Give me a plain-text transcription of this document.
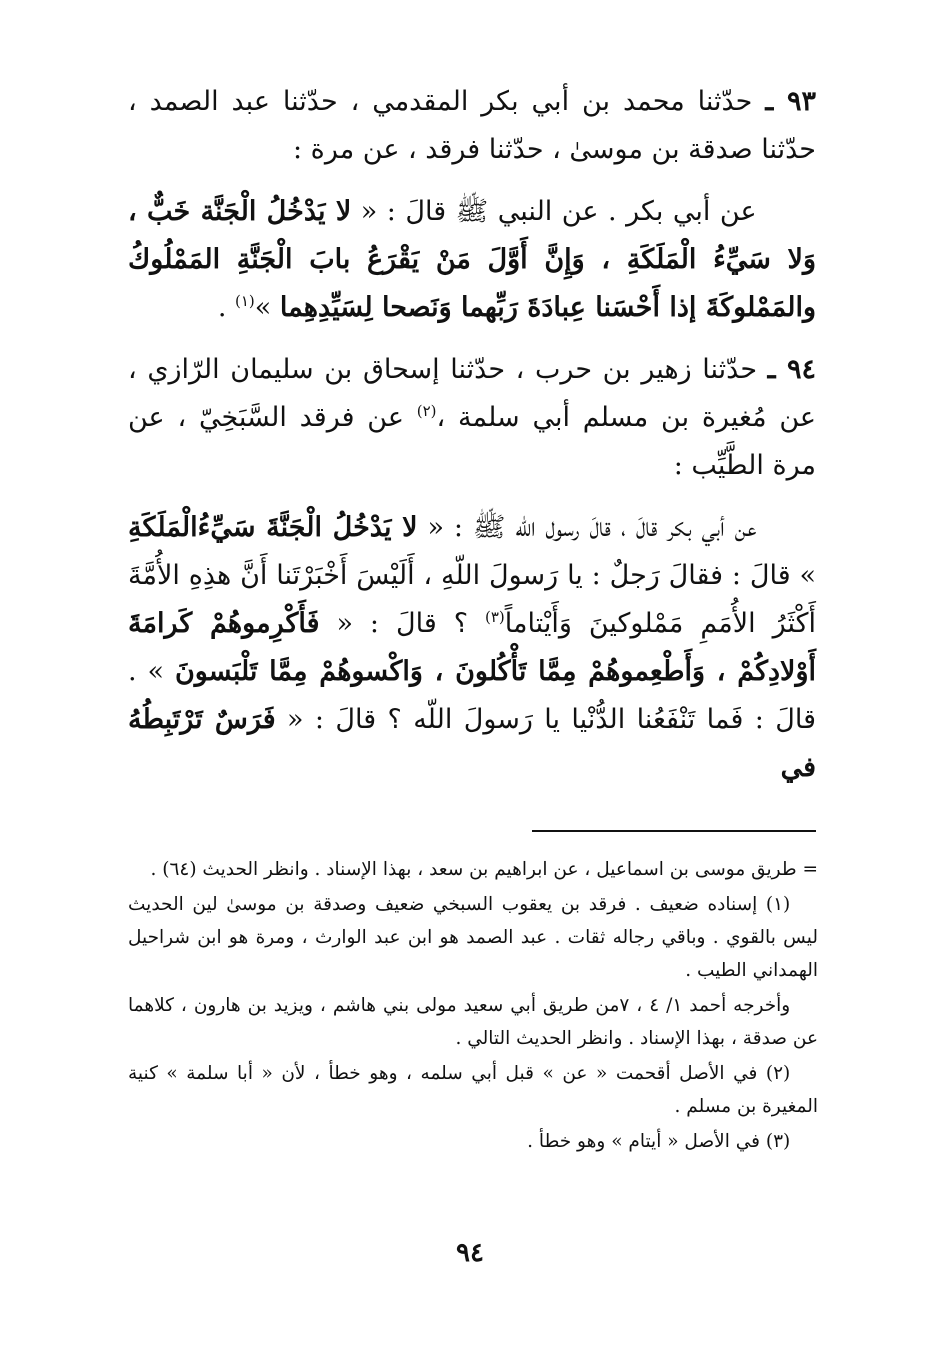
٩٣ ـ حدّثنا محمد بن أبي بكر المقدمي ، حدّثنا عبد الصمد ، حدّثنا صدقة بن موسىٰ ، حدّثنا فرقد ، عن مرة :

عن أبي بكر . عن النبي ﷺ قالَ : « لا يَدْخُلُ الْجَنَّة خَبٌّ ، وَلا سَيِّءُ الْمَلَكَةِ ، وَإِنَّ أَوَّلَ مَنْ يَقْرَعُ بابَ الْجَنَّةِ المَمْلُوكُ والمَمْلوكَةَ إذا أَحْسَنا عِبادَةَ رَبِّهما وَنَصحا لِسَيِّدِهِما »$^{(١)}$ .

٩٤ ـ حدّثنا زهير بن حرب ، حدّثنا إسحاق بن سليمان الرّازي ، عن مُغيرة بن مسلم أبي سلمة ،$^{(٢)}$ عن فرقد السَّبَخِيّ ، عن مرة الطَّيِّب :

عن أبي بكر قالَ ، قالَ رسول الله ﷺ : « لا يَدْخُلُ الْجَنَّةَ سَيِّءُالْمَلَكَةِ » قالَ : فقالَ رَجلٌ : يا رَسولَ اللّهِ ، أَلَيْسَ أَخْبَرْتَنا أَنَّ هذِهِ الأُمَّةَ أَكْثَرُ الأُمَمِ مَمْلوكينَ وَأَيْتاماً$^{(٣)}$ ؟ قالَ : « فَأَكْرِموهُمْ كَرامَةَ أَوْلادِكُمْ ، وَأَطْعِموهُمْ مِمَّا تَأْكُلونَ ، وَاكْسوهُمْ مِمَّا تَلْبَسونَ » . قالَ : فَما تَنْفَعُنا الدُّنْيا يا رَسولَ اللّه ؟ قالَ : « فَرَسٌ تَرْتَبِطُهُ في

= طريق موسى بن اسماعيل ، عن ابراهيم بن سعد ، بهذا الإسناد . وانظر الحديث (٦٤) .

(١) إسناده ضعيف . فرقد بن يعقوب السبخي ضعيف وصدقة بن موسىٰ لين الحديث ليس بالقوي . وباقي رجاله ثقات . عبد الصمد هو ابن عبد الوارث ، ومرة هو ابن شراحيل الهمداني الطيب .

وأخرجه أحمد ١/ ٤ ، ٧من طريق أبي سعيد مولى بني هاشم ، ويزيد بن هارون ، كلاهما عن صدقة ، بهذا الإسناد . وانظر الحديث التالي .

(٢) في الأصل أقحمت « عن » قبل أبي سلمه ، وهو خطأ ، لأن « أبا سلمة » كنية المغيرة بن مسلم .

(٣) في الأصل « أيتام » وهو خطأ .

٩٤
